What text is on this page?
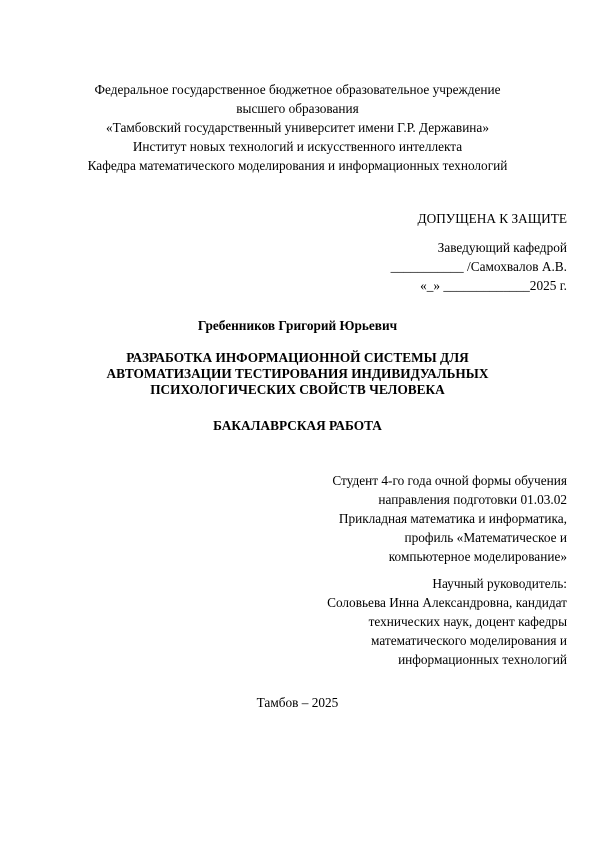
Федеральное государственное бюджетное образовательное учреждение
высшего образования
«Тамбовский государственный университет имени Г.Р. Державина»
Институт новых технологий и искусственного интеллекта
Кафедра математического моделирования и информационных технологий
ДОПУЩЕНА К ЗАЩИТЕ
Заведующий кафедрой
___________ /Самохвалов А.В.
«_» _____________2025 г.
Гребенников Григорий Юрьевич
РАЗРАБОТКА ИНФОРМАЦИОННОЙ СИСТЕМЫ ДЛЯ
АВТОМАТИЗАЦИИ ТЕСТИРОВАНИЯ ИНДИВИДУАЛЬНЫХ
ПСИХОЛОГИЧЕСКИХ СВОЙСТВ ЧЕЛОВЕКА
БАКАЛАВРСКАЯ РАБОТА
Студент 4-го года очной формы обучения
направления подготовки 01.03.02
Прикладная математика и информатика,
профиль «Математическое и
компьютерное моделирование»
Научный руководитель:
Соловьева Инна Александровна, кандидат
технических наук, доцент кафедры
математического моделирования и
информационных технологий
Тамбов – 2025
